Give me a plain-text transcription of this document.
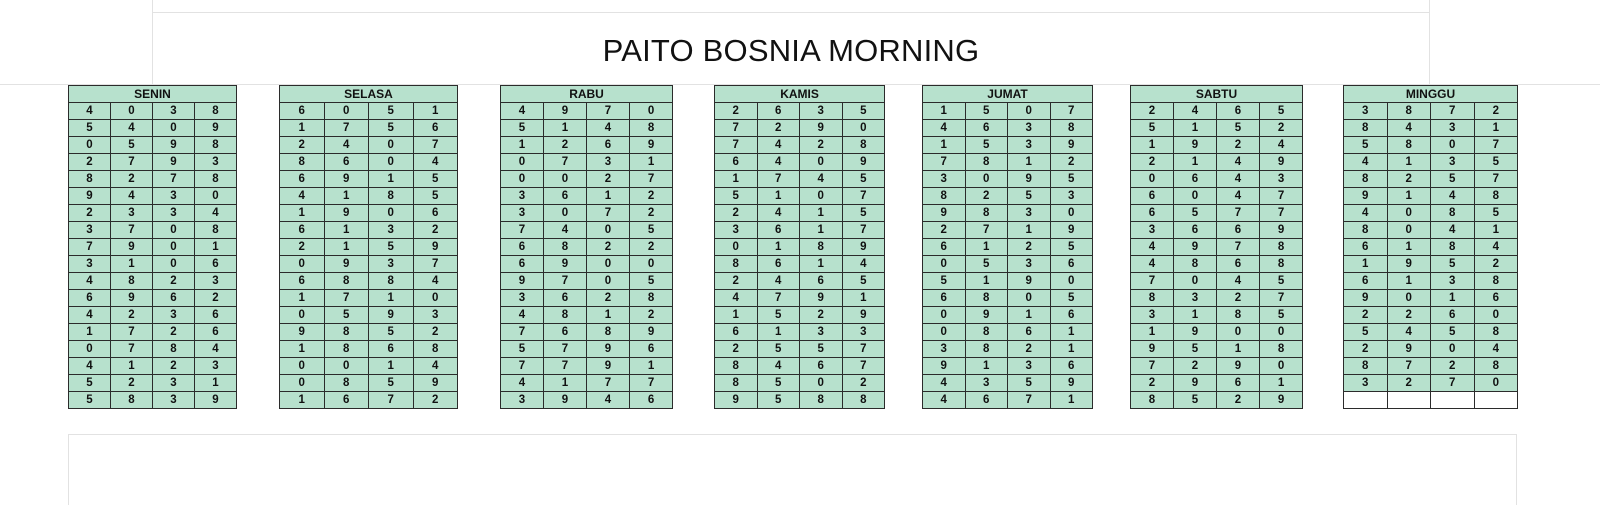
PAITO BOSNIA MORNING
SENIN			
4	0	3	8
5	4	0	9
0	5	9	8
2	7	9	3
8	2	7	8
9	4	3	0
2	3	3	4
3	7	0	8
7	9	0	1
3	1	0	6
4	8	2	3
6	9	6	2
4	2	3	6
1	7	2	6
0	7	8	4
4	1	2	3
5	2	3	1
5	8	3	9
SELASA			
6	0	5	1
1	7	5	6
2	4	0	7
8	6	0	4
6	9	1	5
4	1	8	5
1	9	0	6
6	1	3	2
2	1	5	9
0	9	3	7
6	8	8	4
1	7	1	0
0	5	9	3
9	8	5	2
1	8	6	8
0	0	1	4
0	8	5	9
1	6	7	2
RABU			
4	9	7	0
5	1	4	8
1	2	6	9
0	7	3	1
0	0	2	7
3	6	1	2
3	0	7	2
7	4	0	5
6	8	2	2
6	9	0	0
9	7	0	5
3	6	2	8
4	8	1	2
7	6	8	9
5	7	9	6
7	7	9	1
4	1	7	7
3	9	4	6
KAMIS			
2	6	3	5
7	2	9	0
7	4	2	8
6	4	0	9
1	7	4	5
5	1	0	7
2	4	1	5
3	6	1	7
0	1	8	9
8	6	1	4
2	4	6	5
4	7	9	1
1	5	2	9
6	1	3	3
2	5	5	7
8	4	6	7
8	5	0	2
9	5	8	8
JUMAT			
1	5	0	7
4	6	3	8
1	5	3	9
7	8	1	2
3	0	9	5
8	2	5	3
9	8	3	0
2	7	1	9
6	1	2	5
0	5	3	6
5	1	9	0
6	8	0	5
0	9	1	6
0	8	6	1
3	8	2	1
9	1	3	6
4	3	5	9
4	6	7	1
SABTU			
2	4	6	5
5	1	5	2
1	9	2	4
2	1	4	9
0	6	4	3
6	0	4	7
6	5	7	7
3	6	6	9
4	9	7	8
4	8	6	8
7	0	4	5
8	3	2	7
3	1	8	5
1	9	0	0
9	5	1	8
7	2	9	0
2	9	6	1
8	5	2	9
MINGGU			
3	8	7	2
8	4	3	1
5	8	0	7
4	1	3	5
8	2	5	7
9	1	4	8
4	0	8	5
8	0	4	1
6	1	8	4
1	9	5	2
6	1	3	8
9	0	1	6
2	2	6	0
5	4	5	8
2	9	0	4
8	7	2	8
3	2	7	0
